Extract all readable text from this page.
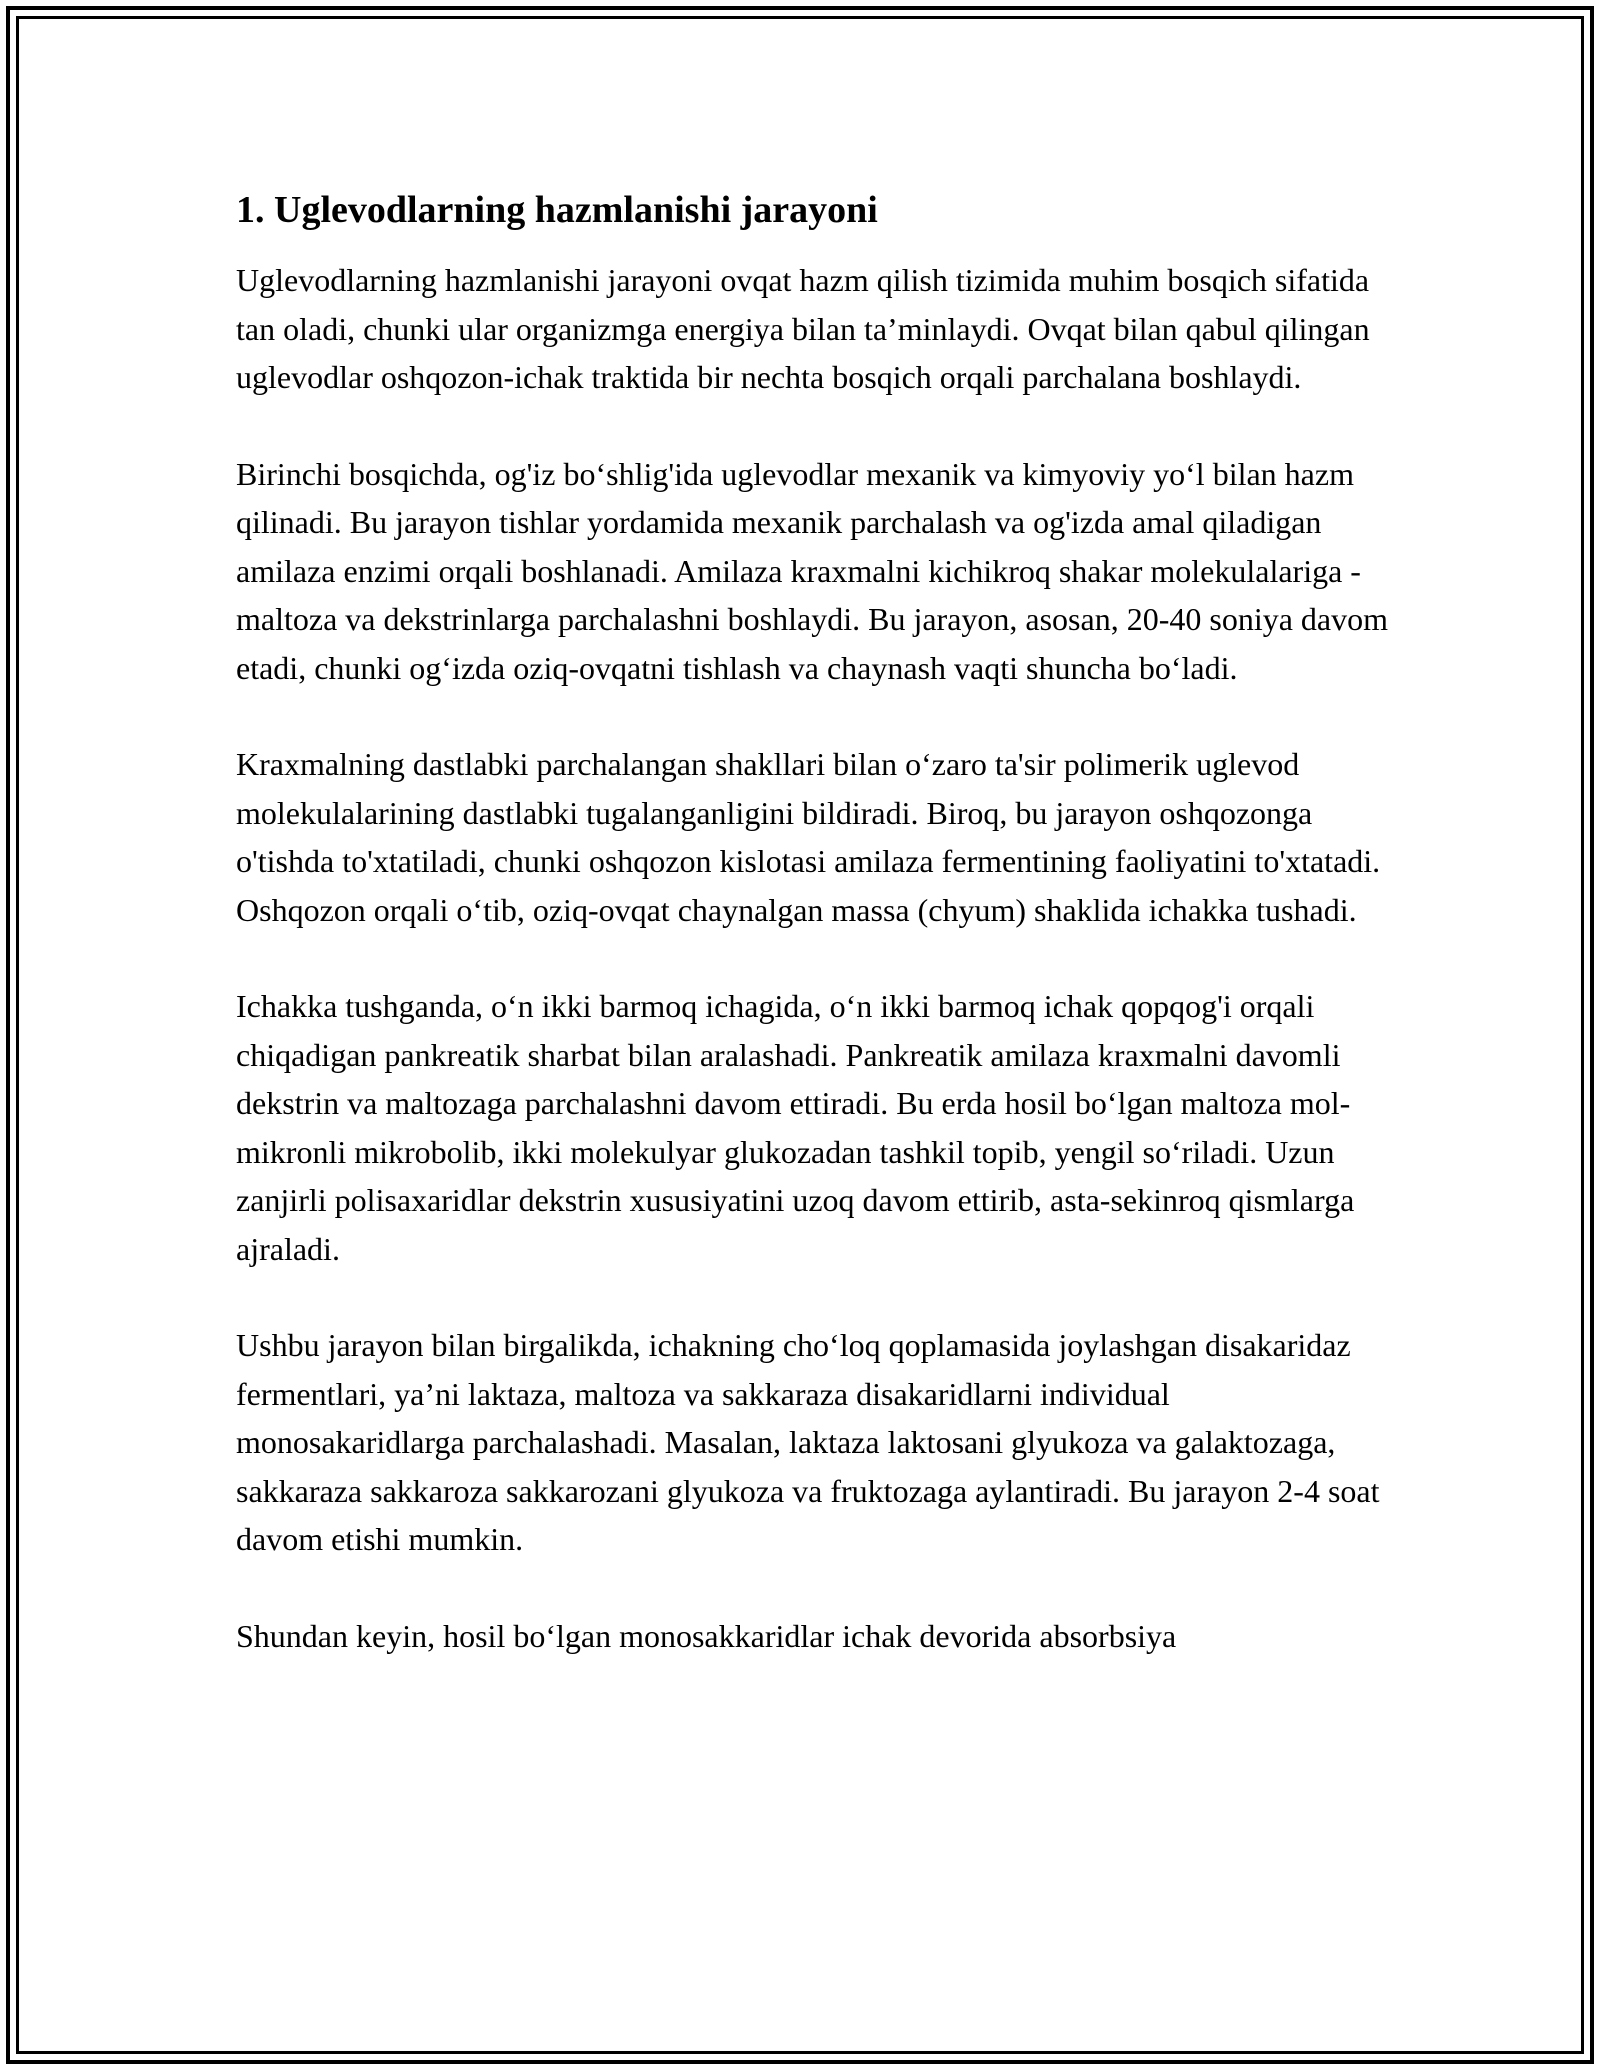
1. Uglevodlarning hazmlanishi jarayoni

Uglevodlarning hazmlanishi jarayoni ovqat hazm qilish tizimida muhim bosqich sifatida tan oladi, chunki ular organizmga energiya bilan ta’minlaydi. Ovqat bilan qabul qilingan uglevodlar oshqozon-ichak traktida bir nechta bosqich orqali parchalana boshlaydi.

Birinchi bosqichda, og'iz bo‘shlig'ida uglevodlar mexanik va kimyoviy yo‘l bilan hazm qilinadi. Bu jarayon tishlar yordamida mexanik parchalash va og'izda amal qiladigan amilaza enzimi orqali boshlanadi. Amilaza kraxmalni kichikroq shakar molekulalariga - maltoza va dekstrinlarga parchalashni boshlaydi. Bu jarayon, asosan, 20-40 soniya davom etadi, chunki og‘izda oziq-ovqatni tishlash va chaynash vaqti shuncha bo‘ladi.

Kraxmalning dastlabki parchalangan shakllari bilan o‘zaro ta'sir polimerik uglevod molekulalarining dastlabki tugalanganligini bildiradi. Biroq, bu jarayon oshqozonga o'tishda to'xtatiladi, chunki oshqozon kislotasi amilaza fermentining faoliyatini to'xtatadi. Oshqozon orqali o‘tib, oziq-ovqat chaynalgan massa (chyum) shaklida ichakka tushadi.

Ichakka tushganda, o‘n ikki barmoq ichagida, o‘n ikki barmoq ichak qopqog'i orqali chiqadigan pankreatik sharbat bilan aralashadi. Pankreatik amilaza kraxmalni davomli dekstrin va maltozaga parchalashni davom ettiradi. Bu erda hosil bo‘lgan maltoza mol-mikronli mikrobolib, ikki molekulyar glukozadan tashkil topib, yengil so‘riladi. Uzun zanjirli polisaxaridlar dekstrin xususiyatini uzoq davom ettirib, asta-sekinroq qismlarga ajraladi.

Ushbu jarayon bilan birgalikda, ichakning cho‘loq qoplamasida joylashgan disakaridaz fermentlari, ya’ni laktaza, maltoza va sakkaraza disakaridlarni individual monosakaridlarga parchalashadi. Masalan, laktaza laktosani glyukoza va galaktozaga, sakkaraza sakkaroza sakkarozani glyukoza va fruktozaga aylantiradi. Bu jarayon 2-4 soat davom etishi mumkin.

Shundan keyin, hosil bo‘lgan monosakkaridlar ichak devorida absorbsiya
